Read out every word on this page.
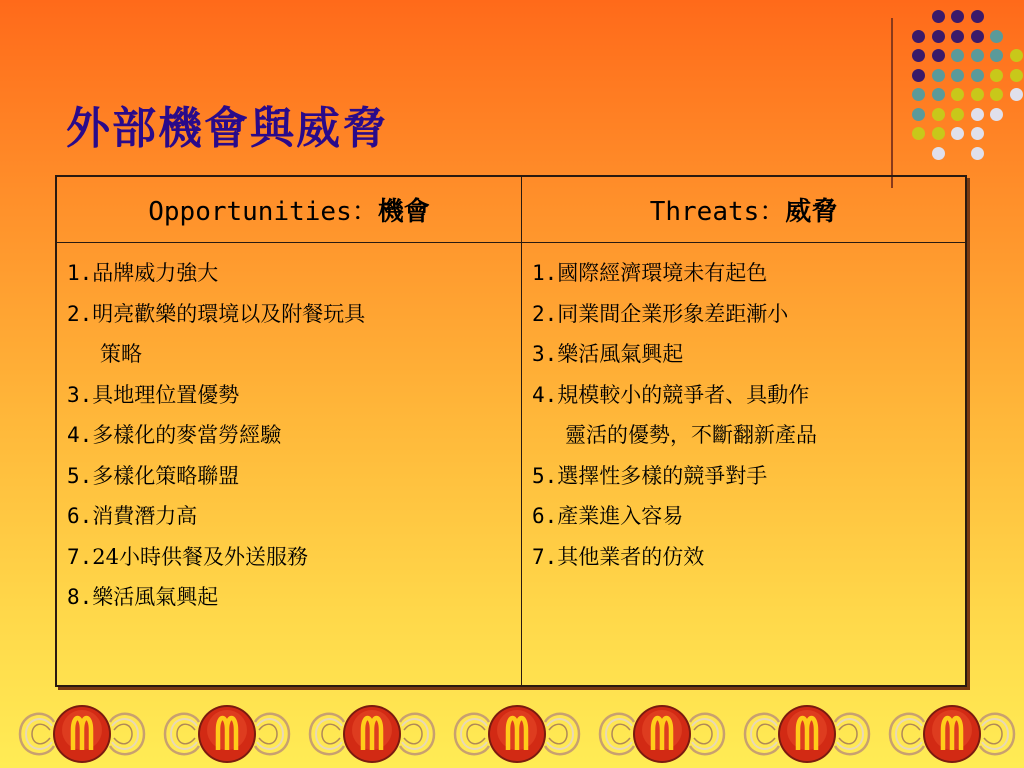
外部機會與威脅
Opportunities： 機會	Threats： 威脅
1.品牌威力強大
2.明亮歡樂的環境以及附餐玩具
策略
3.具地理位置優勢
4.多樣化的麥當勞經驗
5.多樣化策略聯盟
6.消費潛力高
7.24小時供餐及外送服務
8.樂活風氣興起
1.國際經濟環境未有起色
2.同業間企業形象差距漸小
3.樂活風氣興起
4.規模較小的競爭者、具動作
靈活的優勢，不斷翻新產品
5.選擇性多樣的競爭對手
6.產業進入容易
7.其他業者的仿效
